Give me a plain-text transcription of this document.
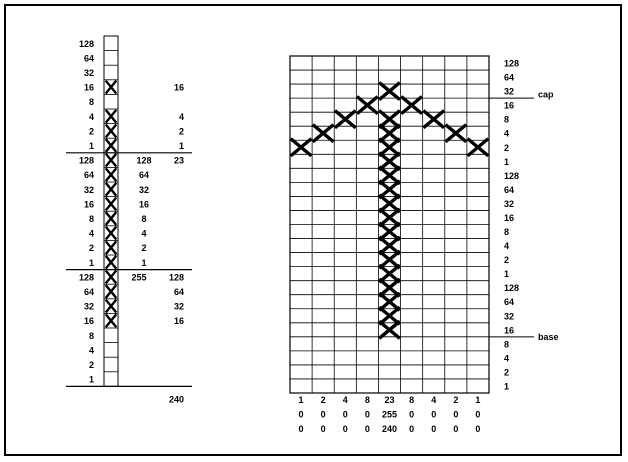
128
64
32
16
8
4
2
1
128
64
32
16
8
4
2
1
128
64
32
16
8
4
2
1
16
4
2
1
23
128
64
32
16
8
4
2
1
255 128
64
32
16
240
128
64
32
16
8
4
2
1
128
64
32
16
8
4
2
1
128
64
32
16
8
4
2
1
cap
base
1 2 4 8 23 8 4 2 1
0 0 0 0 255 0 0 0 0
0 0 0 0 240 0 0 0 0
